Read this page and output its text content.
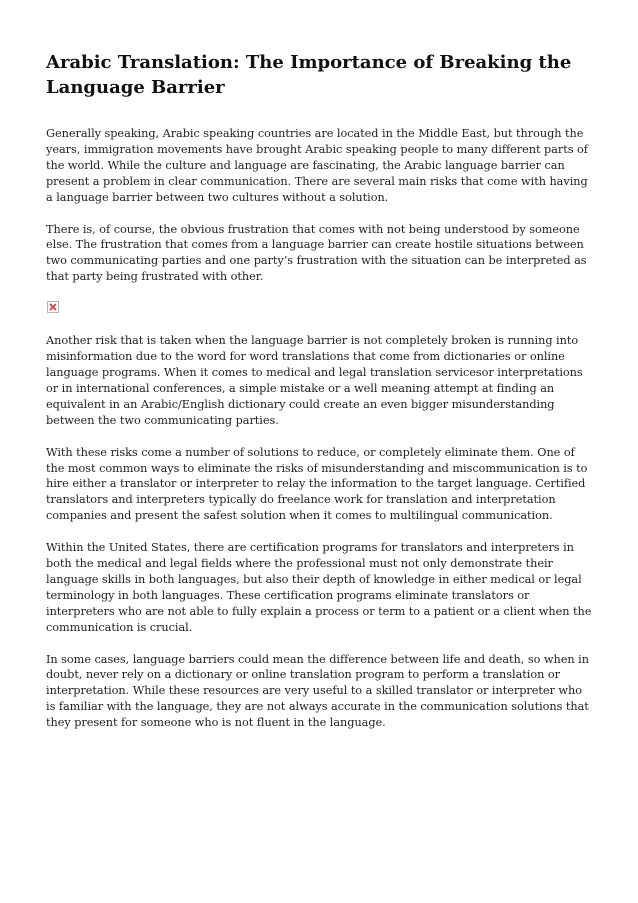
Arabic Translation: The Importance of Breaking the Language Barrier

Generally speaking, Arabic speaking countries are located in the Middle East, but through the years, immigration movements have brought Arabic speaking people to many different parts of the world. While the culture and language are fascinating, the Arabic language barrier can present a problem in clear communication. There are several main risks that come with having a language barrier between two cultures without a solution.

There is, of course, the obvious frustration that comes with not being understood by someone else. The frustration that comes from a language barrier can create hostile situations between two communicating parties and one party’s frustration with the situation can be interpreted as that party being frustrated with other.

Another risk that is taken when the language barrier is not completely broken is running into misinformation due to the word for word translations that come from dictionaries or online language programs. When it comes to medical and legal translation servicesor interpretations or in international conferences, a simple mistake or a well meaning attempt at finding an equivalent in an Arabic/English dictionary could create an even bigger misunderstanding between the two communicating parties.

With these risks come a number of solutions to reduce, or completely eliminate them. One of the most common ways to eliminate the risks of misunderstanding and miscommunication is to hire either a translator or interpreter to relay the information to the target language. Certified translators and interpreters typically do freelance work for translation and interpretation companies and present the safest solution when it comes to multilingual communication.

Within the United States, there are certification programs for translators and interpreters in both the medical and legal fields where the professional must not only demonstrate their language skills in both languages, but also their depth of knowledge in either medical or legal terminology in both languages. These certification programs eliminate translators or interpreters who are not able to fully explain a process or term to a patient or a client when the communication is crucial.

In some cases, language barriers could mean the difference between life and death, so when in doubt, never rely on a dictionary or online translation program to perform a translation or interpretation. While these resources are very useful to a skilled translator or interpreter who is familiar with the language, they are not always accurate in the communication solutions that they present for someone who is not fluent in the language.
